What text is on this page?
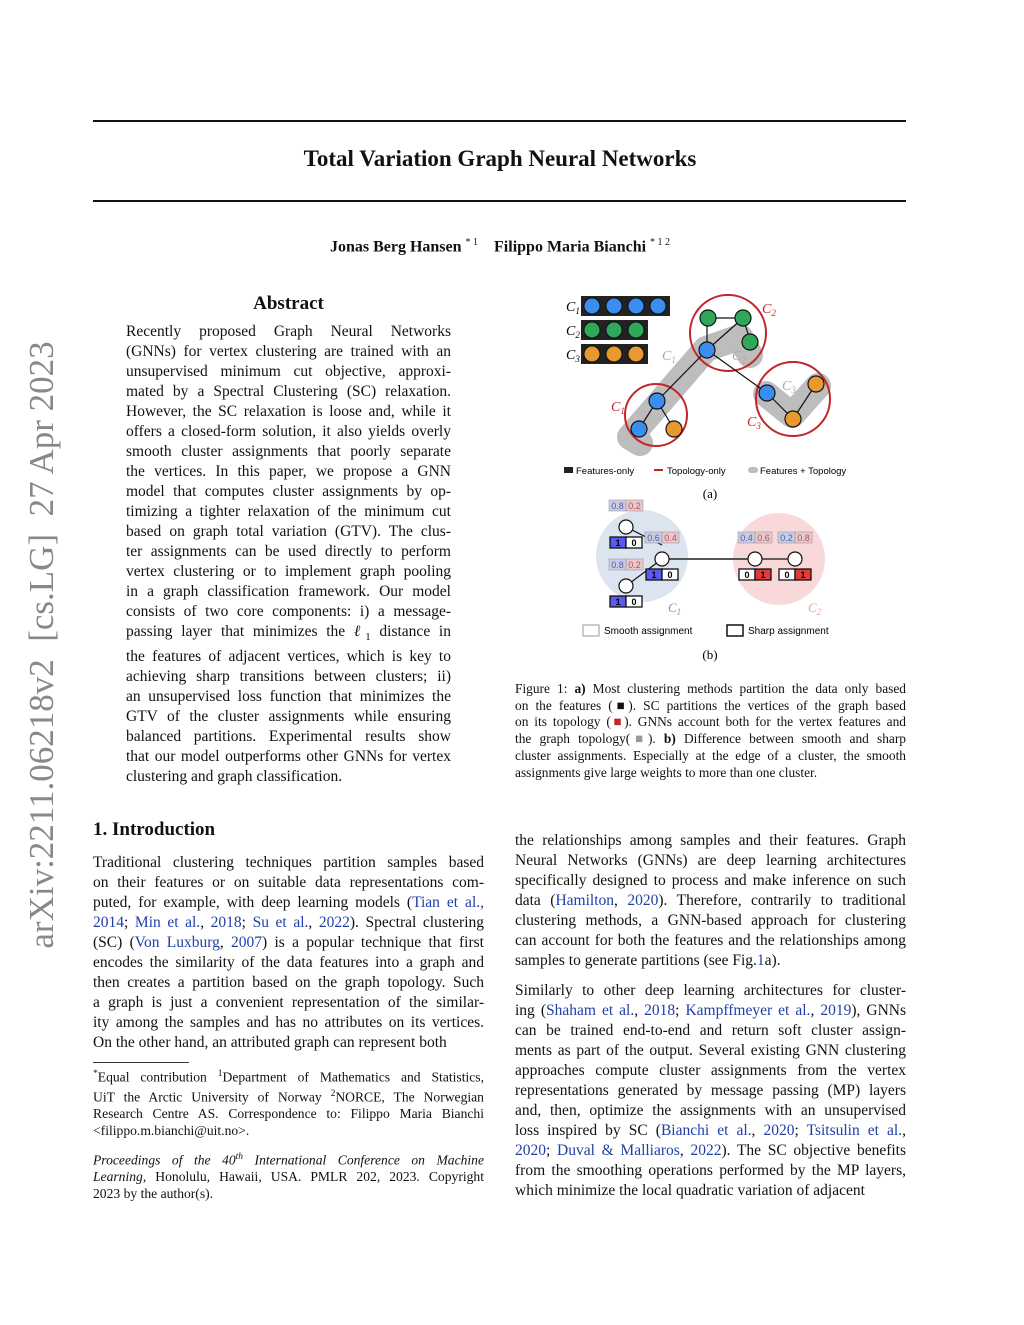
arXiv:2211.06218v2  [cs.LG]  27 Apr 2023
Total Variation Graph Neural Networks
Jonas Berg Hansen $^{* 1}$ Filippo Maria Bianchi $^{* 1 2}$
Abstract
Recently proposed Graph Neural Networks
(GNNs) for vertex clustering are trained with an
unsupervised minimum cut objective, approxi-
mated by a Spectral Clustering (SC) relaxation.
However, the SC relaxation is loose and, while it
offers a closed-form solution, it also yields overly
smooth cluster assignments that poorly separate
the vertices. In this paper, we propose a GNN
model that computes cluster assignments by op-
timizing a tighter relaxation of the minimum cut
based on graph total variation (GTV). The clus-
ter assignments can be used directly to perform
vertex clustering or to implement graph pooling
in a graph classification framework. Our model
consists of two core components: i) a message-
passing layer that minimizes the ℓ$_1$ distance in
the features of adjacent vertices, which is key to
achieving sharp transitions between clusters; ii)
an unsupervised loss function that minimizes the
GTV of the cluster assignments while ensuring
balanced partitions. Experimental results show
that our model outperforms other GNNs for vertex
clustering and graph classification.
1. Introduction
Traditional clustering techniques partition samples based
on their features or on suitable data representations com-
puted, for example, with deep learning models (Tian et al.,
2014; Min et al., 2018; Su et al., 2022). Spectral clustering
(SC) (Von Luxburg, 2007) is a popular technique that first
encodes the similarity of the data features into a graph and
then creates a partition based on the graph topology. Such
a graph is just a convenient representation of the similar-
ity among the samples and has no attributes on its vertices.
On the other hand, an attributed graph can represent both
*Equal contribution $^1$Department of Mathematics and Statistics,
UiT the Arctic University of Norway $^2$NORCE, The Norwegian
Research Centre AS. Correspondence to: Filippo Maria Bianchi
<filippo.m.bianchi@uit.no>.
Proceedings of the 40th International Conference on Machine
Learning, Honolulu, Hawaii, USA. PMLR 202, 2023. Copyright
2023 by the author(s).
the relationships among samples and their features. Graph
Neural Networks (GNNs) are deep learning architectures
specifically designed to process and make inference on such
data (Hamilton, 2020). Therefore, contrarily to traditional
clustering methods, a GNN-based approach for clustering
can account for both the features and the relationships among
samples to generate partitions (see Fig.1a).
Similarly to other deep learning architectures for cluster-
ing (Shaham et al., 2018; Kampffmeyer et al., 2019), GNNs
can be trained end-to-end and return soft cluster assign-
ments as part of the output. Several existing GNN clustering
approaches compute cluster assignments from the vertex
representations generated by message passing (MP) layers
and, then, optimize the assignments with an unsupervised
loss inspired by SC (Bianchi et al., 2020; Tsitsulin et al.,
2020; Duval & Malliaros, 2022). The SC objective benefits
from the smoothing operations performed by the MP layers,
which minimize the local quadratic variation of adjacent
$C_1$
$C_2$
$C_3$
$C_2$
$C_1$
$C_3$
$C_1$	$C_2$
$C_3$
Features-only	Topology-only	Features + Topology
(a)
0.8 0.2
1 0
0.8 0.2
1 0
0.6 0.4
1 0
0.4 0.6
0 1
0.2 0.8
0 1
$C_1$	$C_2$
Smooth assignment	Sharp assignment
(b)
Figure 1: a) Most clustering methods partition the data only based
on the features (■). SC partitions the vertices of the graph based
on its topology (■). GNNs account both for the vertex features and
the graph topology(■). b) Difference between smooth and sharp
cluster assignments. Especially at the edge of a cluster, the smooth
assignments give large weights to more than one cluster.
